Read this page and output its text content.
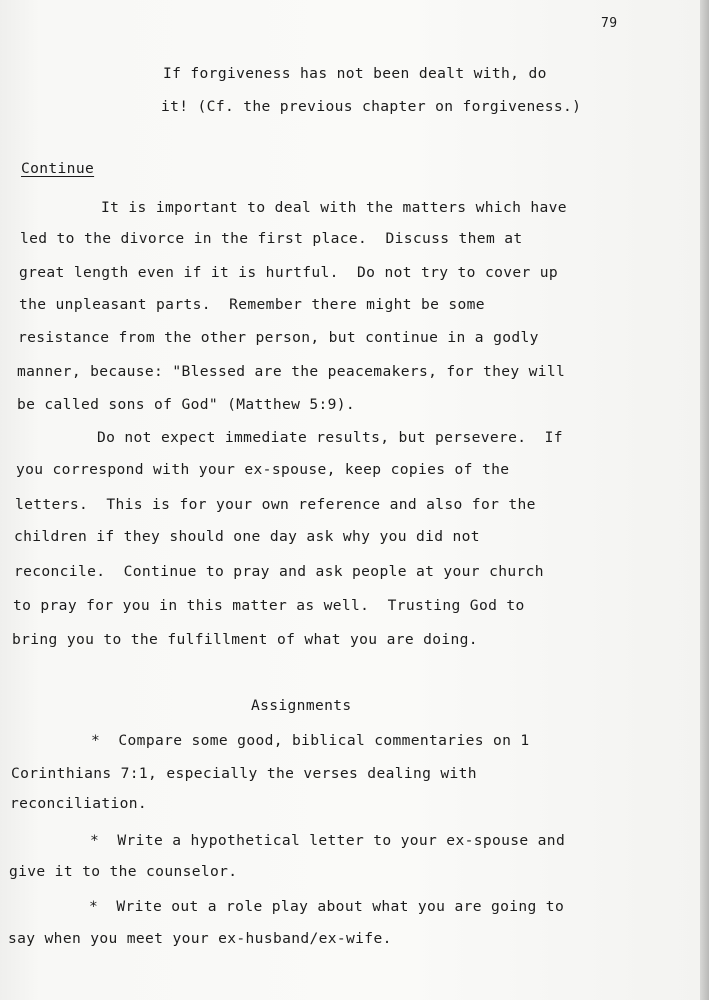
79
If forgiveness has not been dealt with, do
it! (Cf. the previous chapter on forgiveness.)
Continue
It is important to deal with the matters which have
led to the divorce in the first place.  Discuss them at
great length even if it is hurtful.  Do not try to cover up
the unpleasant parts.  Remember there might be some
resistance from the other person, but continue in a godly
manner, because: "Blessed are the peacemakers, for they will
be called sons of God" (Matthew 5:9).
Do not expect immediate results, but persevere.  If
you correspond with your ex-spouse, keep copies of the
letters.  This is for your own reference and also for the
children if they should one day ask why you did not
reconcile.  Continue to pray and ask people at your church
to pray for you in this matter as well.  Trusting God to
bring you to the fulfillment of what you are doing.
Assignments
*  Compare some good, biblical commentaries on 1
Corinthians 7:1, especially the verses dealing with
reconciliation.
*  Write a hypothetical letter to your ex-spouse and
give it to the counselor.
*  Write out a role play about what you are going to
say when you meet your ex-husband/ex-wife.
